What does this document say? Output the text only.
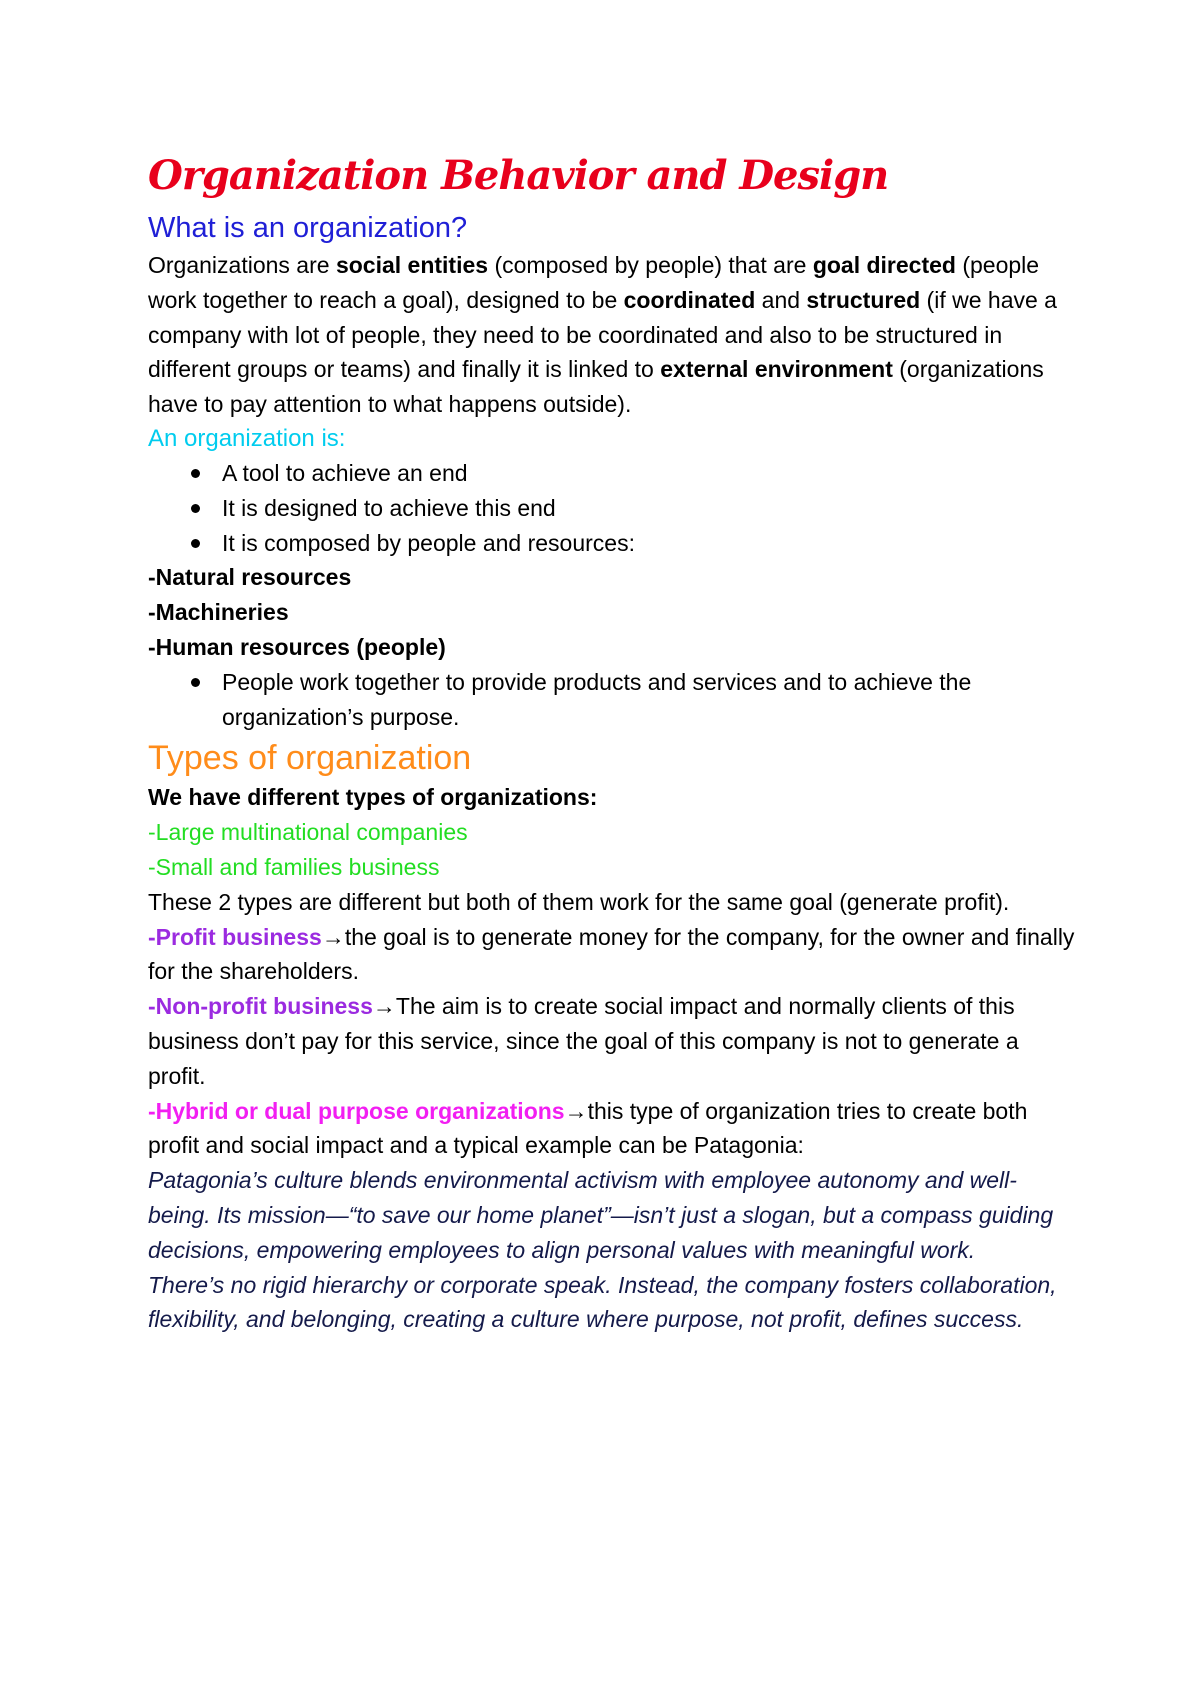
Organization Behavior and Design
What is an organization?

Organizations are social entities (composed by people) that are goal directed (people work together to reach a goal), designed to be coordinated and structured (if we have a company with lot of people, they need to be coordinated and also to be structured in different groups or teams) and finally it is linked to external environment (organizations have to pay attention to what happens outside).

An organization is:
A tool to achieve an end
It is designed to achieve this end
It is composed by people and resources:
-Natural resources
-Machineries
-Human resources (people)
People work together to provide products and services and to achieve the organization’s purpose.
Types of organization
We have different types of organizations:
-Large multinational companies
-Small and families business

These 2 types are different but both of them work for the same goal (generate profit).

-Profit business→the goal is to generate money for the company, for the owner and finally for the shareholders.

-Non-profit business→The aim is to create social impact and normally clients of this business don’t pay for this service, since the goal of this company is not to generate a profit.

-Hybrid or dual purpose organizations→this type of organization tries to create both profit and social impact and a typical example can be Patagonia:

Patagonia’s culture blends environmental activism with employee autonomy and well-being. Its mission—“to save our home planet”—isn’t just a slogan, but a compass guiding decisions, empowering employees to align personal values with meaningful work.

There’s no rigid hierarchy or corporate speak. Instead, the company fosters collaboration, flexibility, and belonging, creating a culture where purpose, not profit, defines success.
